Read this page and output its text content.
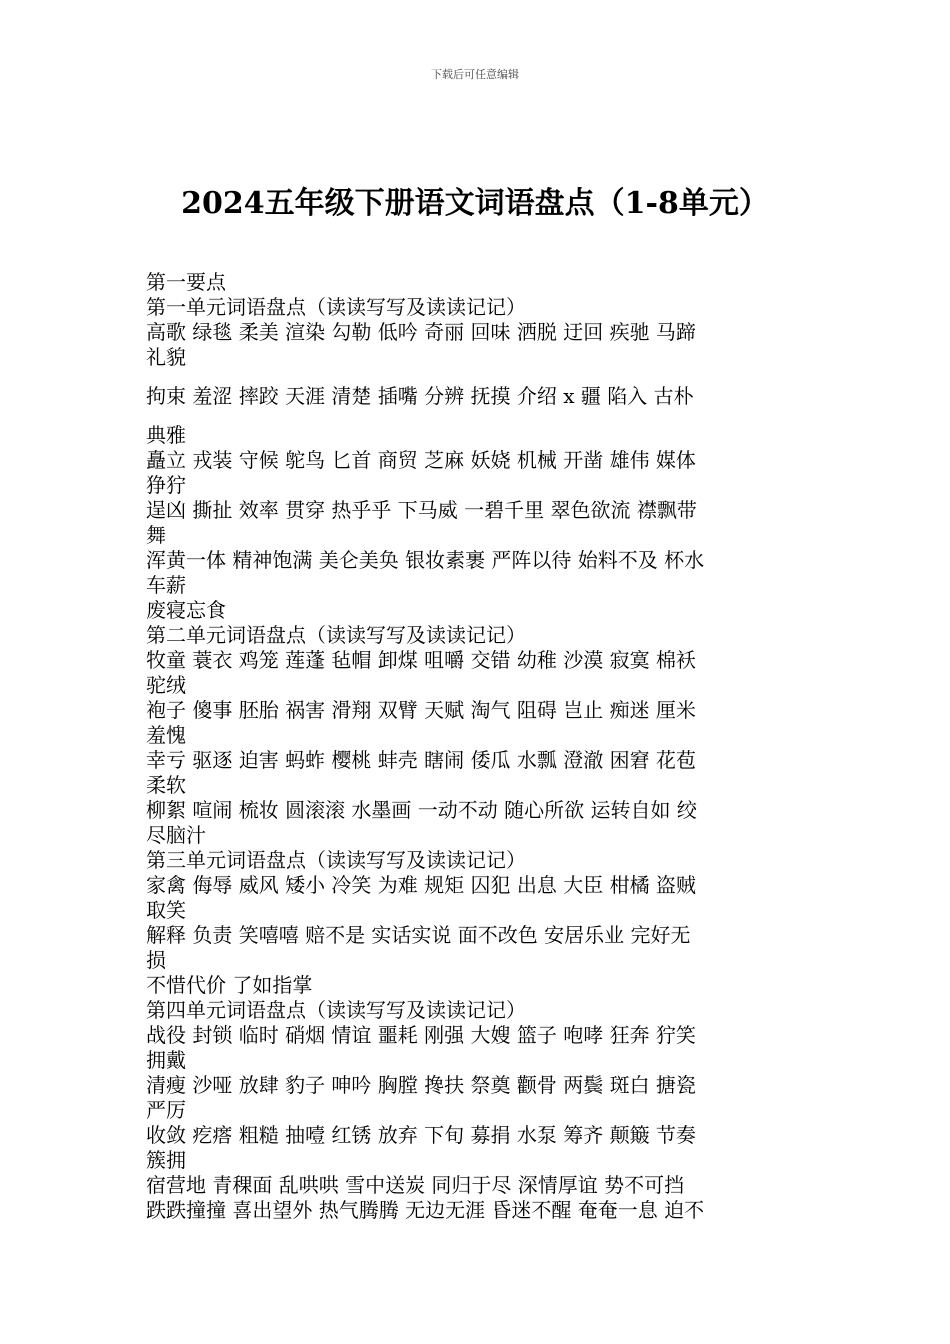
下载后可任意编辑
2024五年级下册语文词语盘点（1-8单元）
第一要点
第一单元词语盘点（读读写写及读读记记）
高歌 绿毯 柔美 渲染 勾勒 低吟 奇丽 回味 洒脱 迂回 疾驰 马蹄
礼貌
拘束 羞涩 摔跤 天涯 清楚 插嘴 分辨 抚摸 介绍 x 疆 陷入 古朴
典雅
矗立 戎装 守候 鸵鸟 匕首 商贸 芝麻 妖娆 机械 开凿 雄伟 媒体
狰狞
逞凶 撕扯 效率 贯穿 热乎乎 下马威 一碧千里 翠色欲流 襟飘带
舞
浑黄一体 精神饱满 美仑美奂 银妆素裹 严阵以待 始料不及 杯水
车薪
废寝忘食
第二单元词语盘点（读读写写及读读记记）
牧童 蓑衣 鸡笼 莲蓬 毡帽 卸煤 咀嚼 交错 幼稚 沙漠 寂寞 棉袄
驼绒
袍子 傻事 胚胎 祸害 滑翔 双臂 天赋 淘气 阻碍 岂止 痴迷 厘米
羞愧
幸亏 驱逐 迫害 蚂蚱 樱桃 蚌壳 瞎闹 倭瓜 水瓢 澄澈 困窘 花苞
柔软
柳絮 喧闹 梳妆 圆滚滚 水墨画 一动不动 随心所欲 运转自如 绞
尽脑汁
第三单元词语盘点（读读写写及读读记记）
家禽 侮辱 威风 矮小 冷笑 为难 规矩 囚犯 出息 大臣 柑橘 盗贼
取笑
解释 负责 笑嘻嘻 赔不是 实话实说 面不改色 安居乐业 完好无
损
不惜代价 了如指掌
第四单元词语盘点（读读写写及读读记记）
战役 封锁 临时 硝烟 情谊 噩耗 刚强 大嫂 篮子 咆哮 狂奔 狞笑
拥戴
清瘦 沙哑 放肆 豹子 呻吟 胸膛 搀扶 祭奠 颧骨 两鬓 斑白 搪瓷
严厉
收敛 疙瘩 粗糙 抽噎 红锈 放弃 下旬 募捐 水泵 筹齐 颠簸 节奏
簇拥
宿营地 青稞面 乱哄哄 雪中送炭 同归于尽 深情厚谊 势不可挡
跌跌撞撞 喜出望外 热气腾腾 无边无涯 昏迷不醒 奄奄一息 迫不
